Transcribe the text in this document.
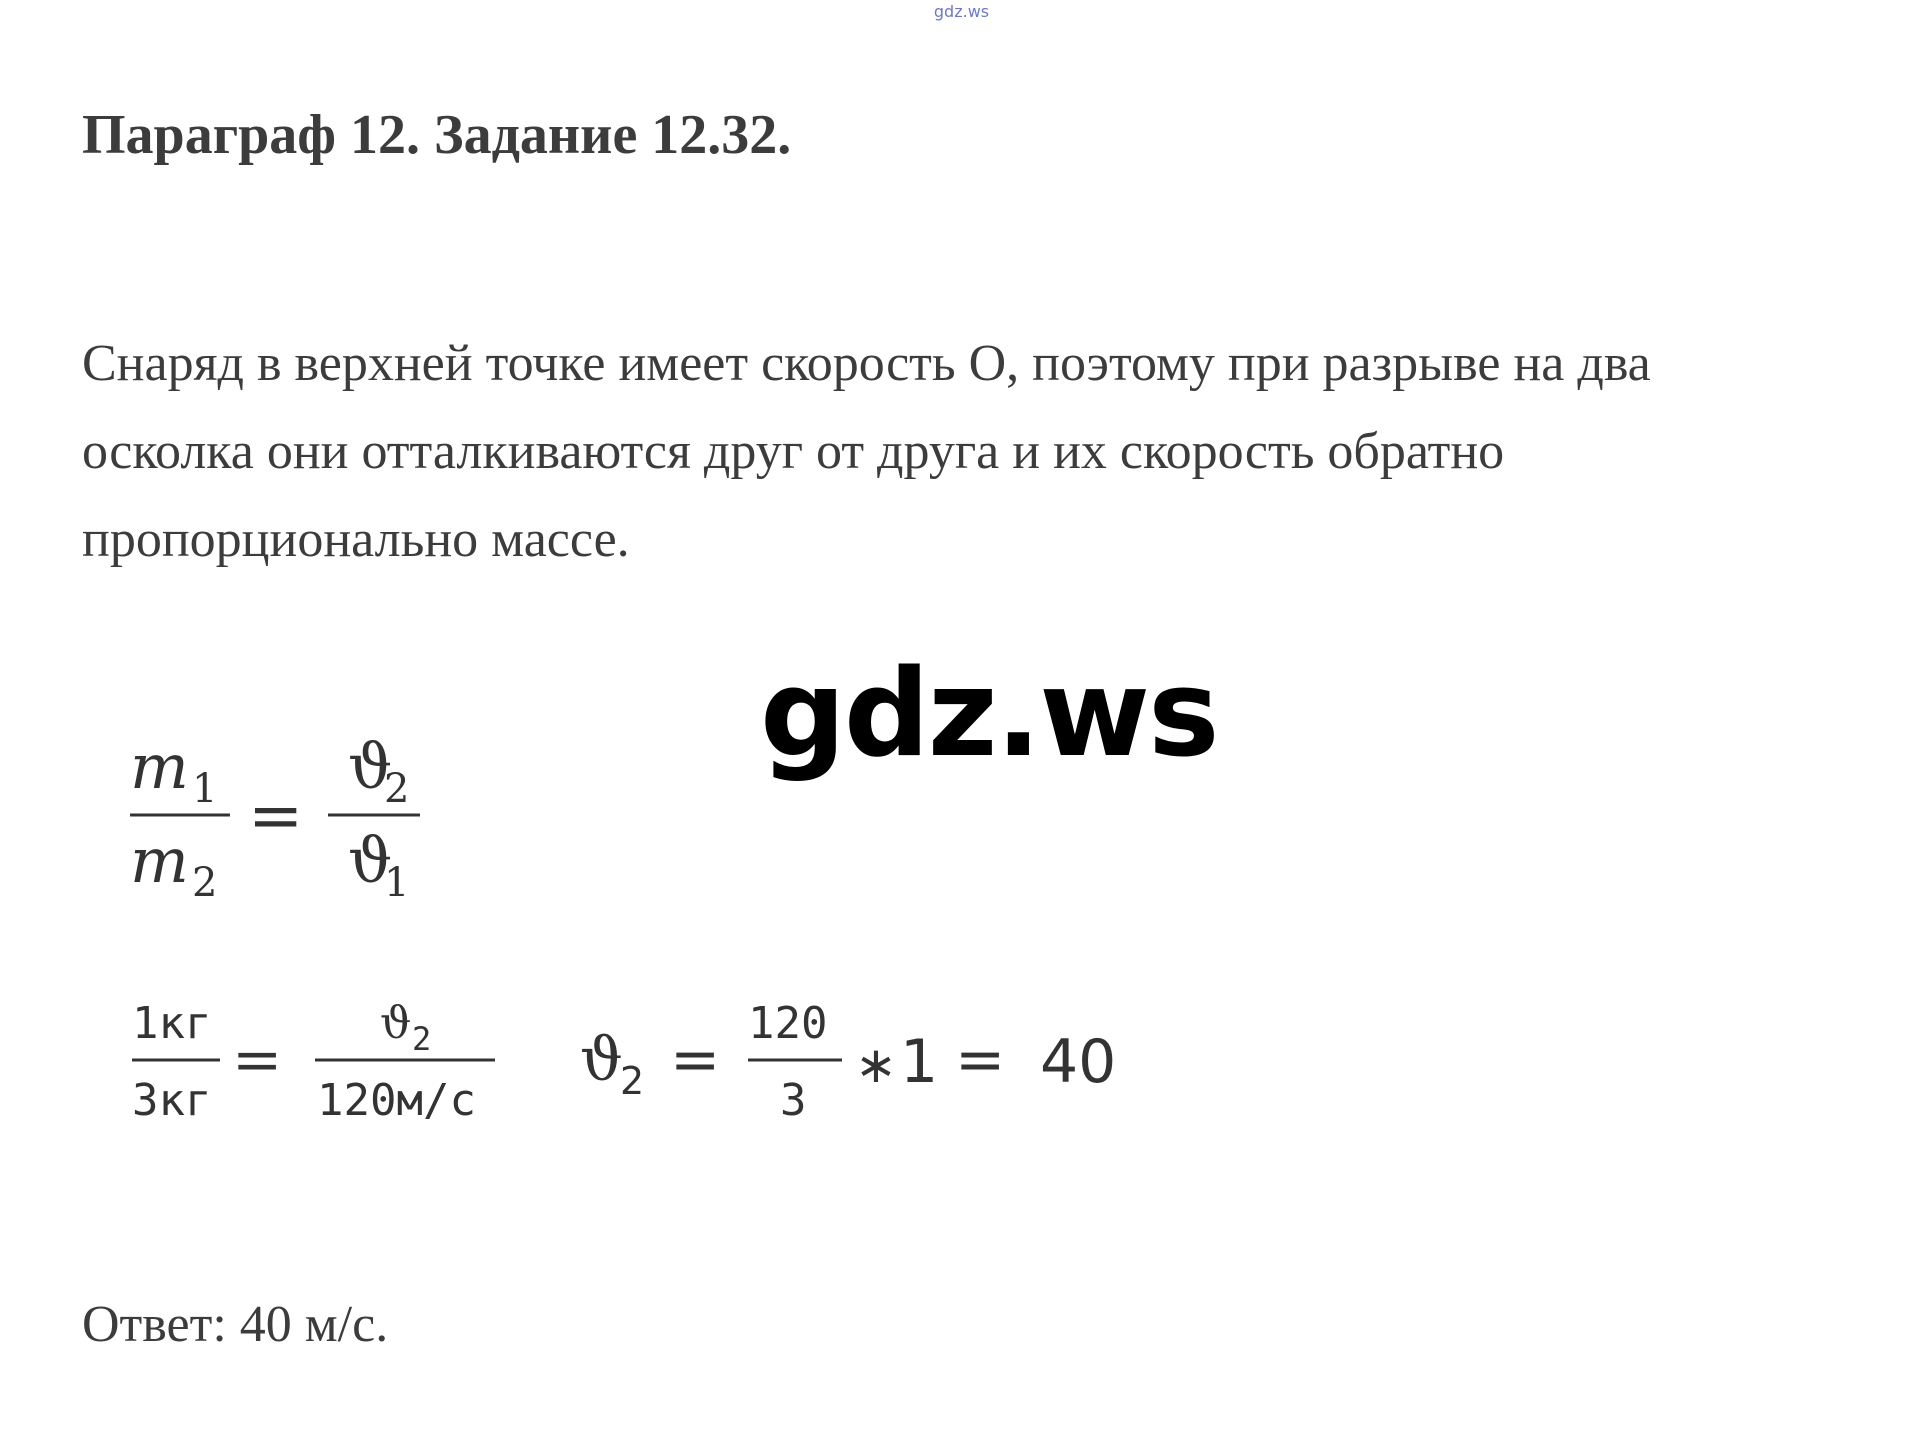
gdz.ws
Параграф 12. Задание 12.32.
Снаряд в верхней точке имеет скорость О, поэтому при разрыве на два
осколка они отталкиваются друг от друга и их скорость обратно
пропорционально массе.
gdz.ws
m 1
m 2
=
ϑ
2
ϑ
1
1кг
3кг
=
ϑ 2
120м/с
ϑ
2 =
120
3
∗ 1 = 40
Ответ: 40 м/с.
